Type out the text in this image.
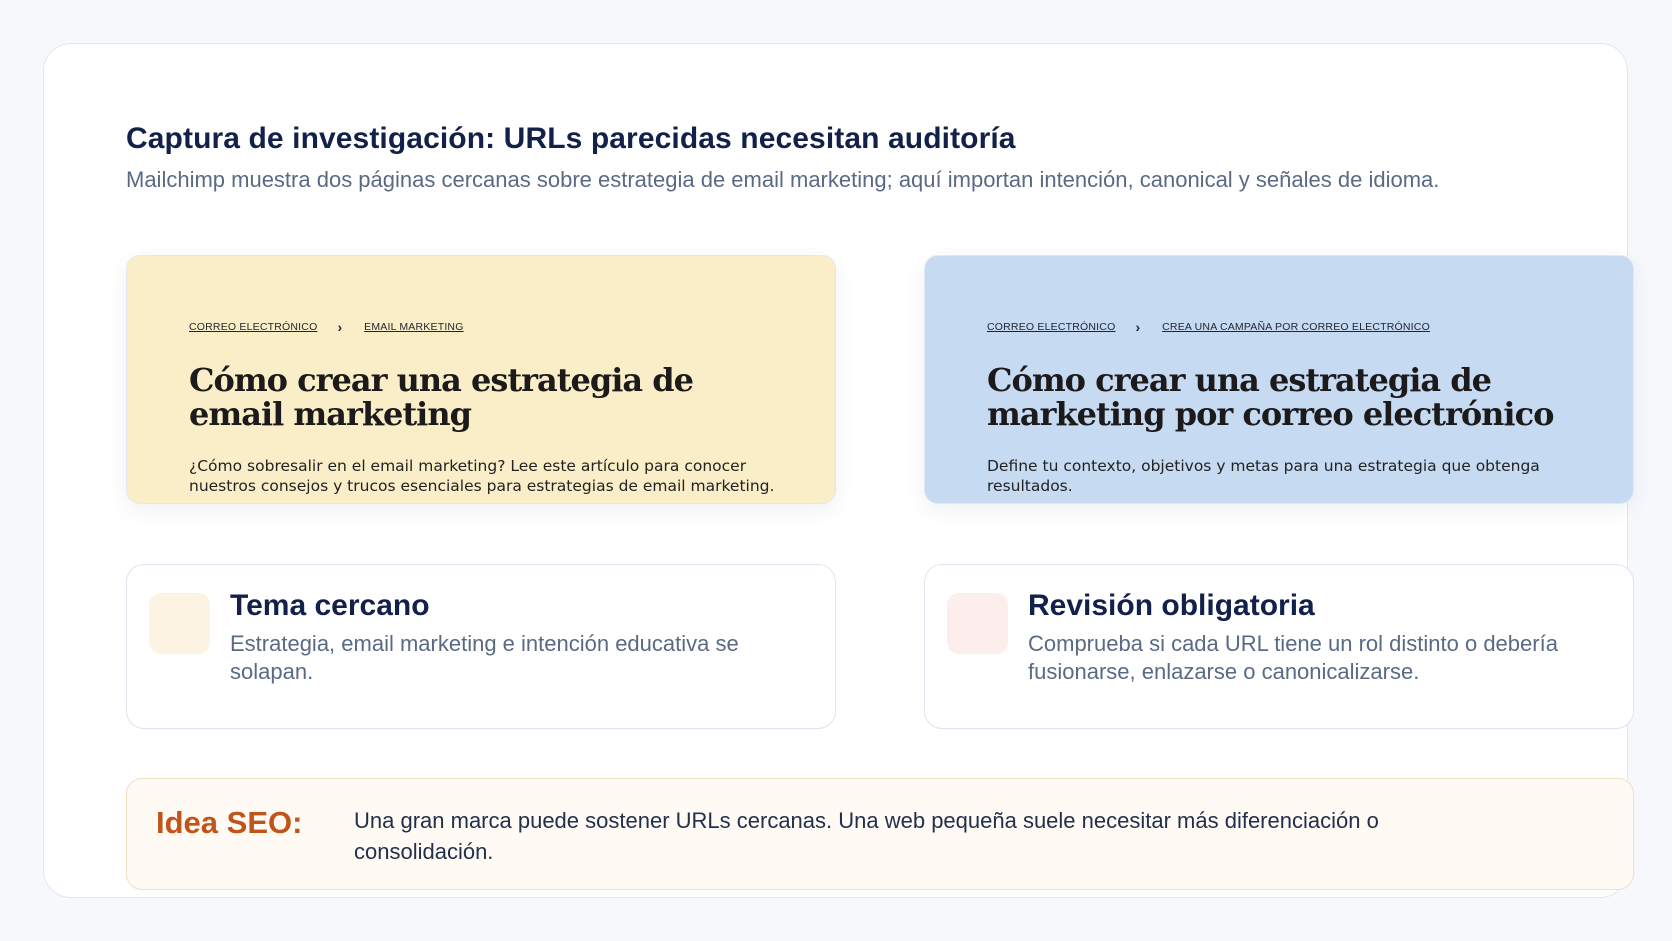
Captura de investigación: URLs parecidas necesitan auditoría

Mailchimp muestra dos páginas cercanas sobre estrategia de email marketing; aquí importan intención, canonical y señales de idioma.

CORREO ELECTRÓNICO › EMAIL MARKETING
Cómo crear una estrategia de email marketing

¿Cómo sobresalir en el email marketing? Lee este artículo para conocer nuestros consejos y trucos esenciales para estrategias de email marketing.

CORREO ELECTRÓNICO › CREA UNA CAMPAÑA POR CORREO ELECTRÓNICO
Cómo crear una estrategia de marketing por correo electrónico

Define tu contexto, objetivos y metas para una estrategia que obtenga resultados.

Tema cercano

Estrategia, email marketing e intención educativa se solapan.

Revisión obligatoria

Comprueba si cada URL tiene un rol distinto o debería fusionarse, enlazarse o canonicalizarse.

Idea SEO: Una gran marca puede sostener URLs cercanas. Una web pequeña suele necesitar más diferenciación o consolidación.
